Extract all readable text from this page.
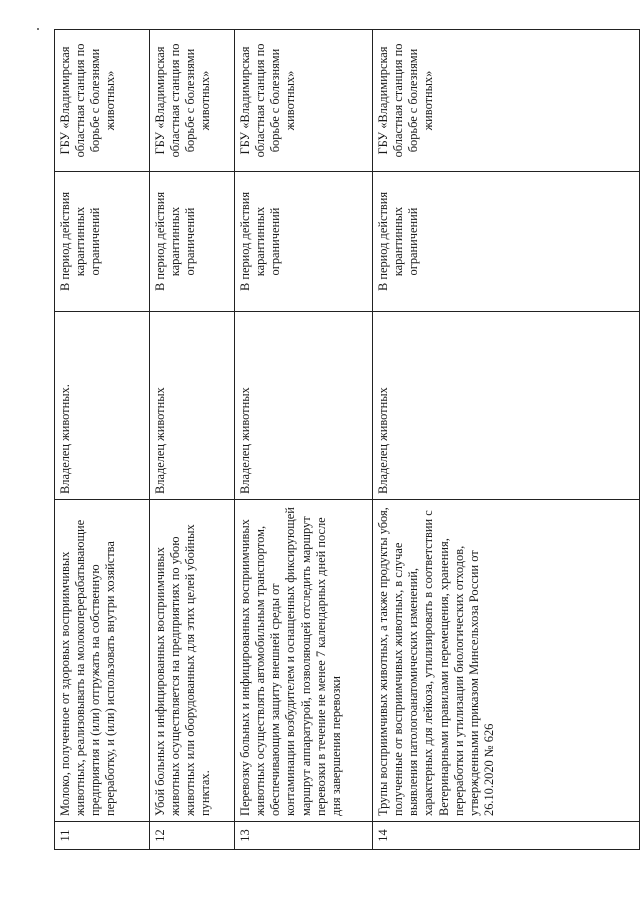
11	Молоко, полученное от здоровых восприимчивых животных, реализовывать на молокоперерабатывающие предприятия и (или) отгружать на собственную переработку, и (или) использовать внутри хозяйства	Владелец животных.	В период действия карантинных ограничений	ГБУ «Владимирская областная станция по борьбе с болезнями животных»
12	Убой больных и инфицированных восприимчивых животных осуществляется на предприятиях по убою животных или оборудованных для этих целей убойных пунктах.	Владелец животных	В период действия карантинных ограничений	ГБУ «Владимирская областная станция по борьбе с болезнями животных»
13	Перевозку больных и инфицированных восприимчивых животных осуществлять автомобильным транспортом, обеспечивающим защиту внешней среды от контаминации возбудителем и оснащенных фиксирующей маршрут аппаратурой, позволяющей отследить маршрут перевозки в течение не менее 7 календарных дней после дня завершения перевозки	Владелец животных	В период действия карантинных ограничений	ГБУ «Владимирская областная станция по борьбе с болезнями животных»
14	Трупы восприимчивых животных, а также продукты убоя, полученные от восприимчивых животных, в случае выявления патологоанатомических изменений, характерных для лейкоза, утилизировать в соответствии с Ветеринарными правилами перемещения, хранения, переработки и утилизации биологических отходов, утвержденными приказом Минсельхоза России от 26.10.2020 № 626	Владелец животных	В период действия карантинных ограничений	ГБУ «Владимирская областная станция по борьбе с болезнями животных»
